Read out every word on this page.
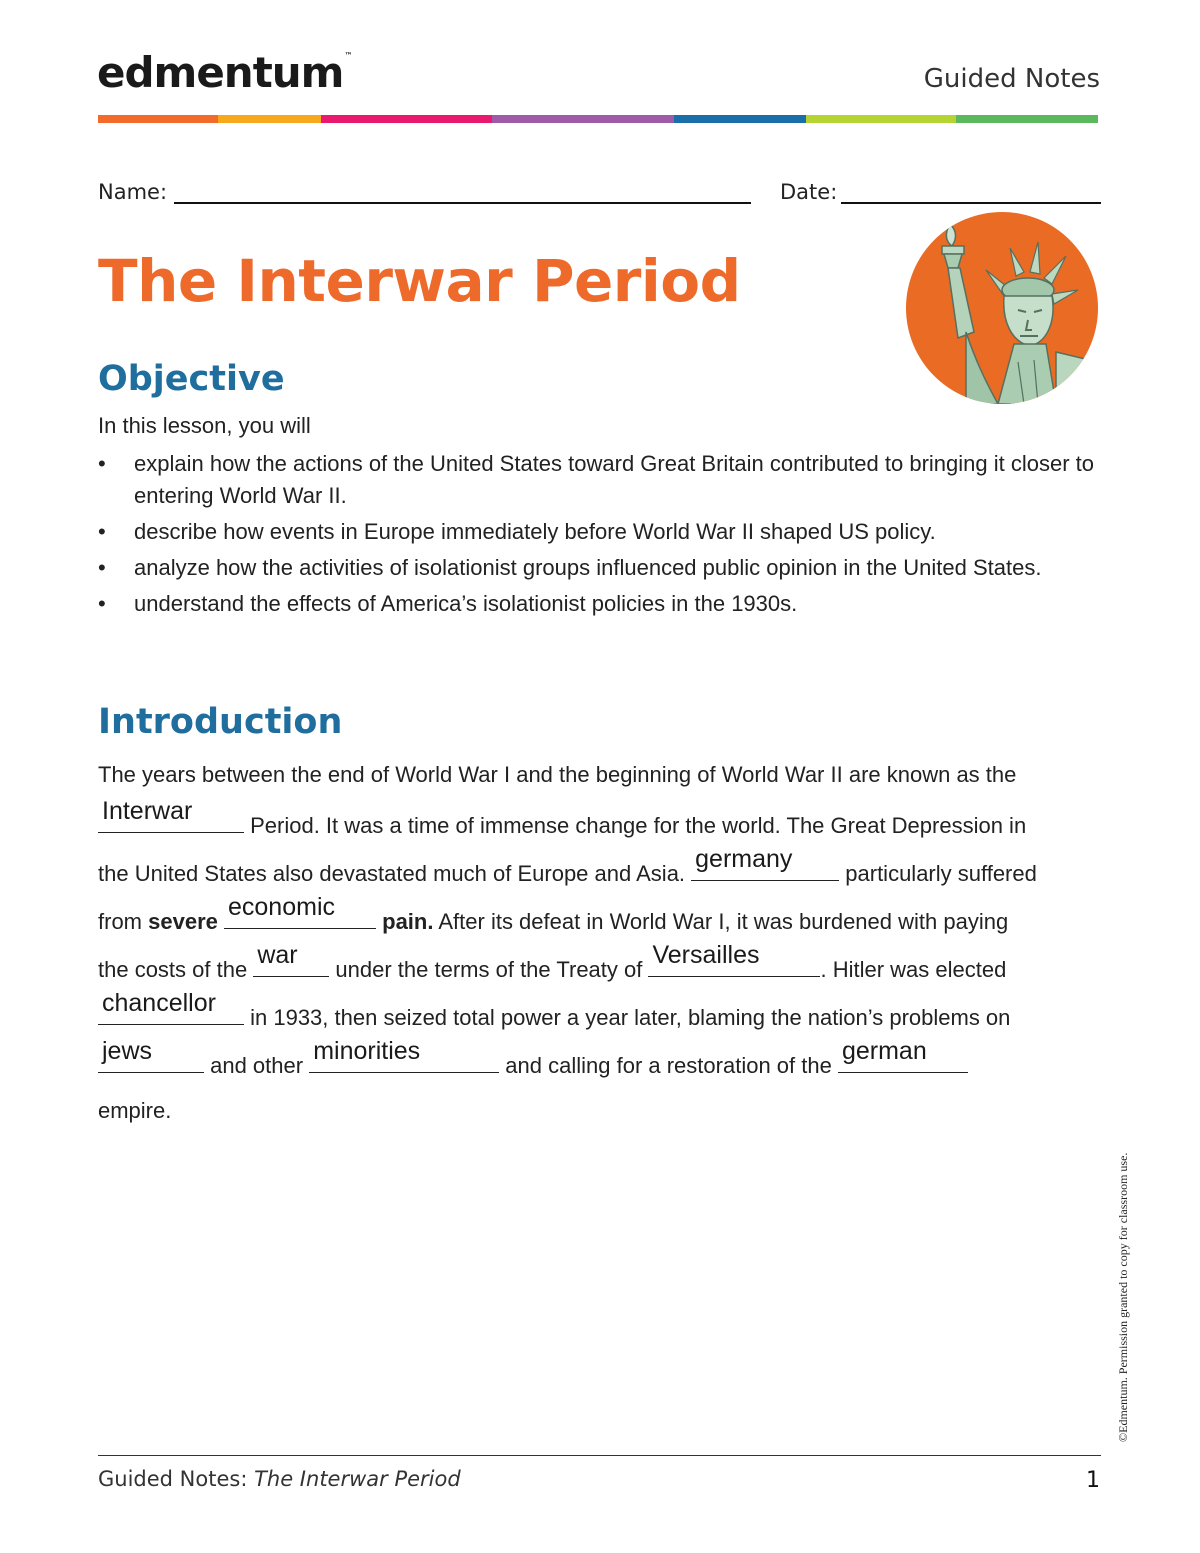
edmentum™
Guided Notes
Name:	Date:
The Interwar Period
Objective
In this lesson, you will
• explain how the actions of the United States toward Great Britain contributed to bringing it closer to entering World War II.
• describe how events in Europe immediately before World War II shaped US policy.
• analyze how the activities of isolationist groups influenced public opinion in the United States.
• understand the effects of America’s isolationist policies in the 1930s.
Introduction
The years between the end of World War I and the beginning of World War II are known as the
Interwar
Period. It was a time of immense change for the world. The Great Depression in
the United States also devastated much of Europe and Asia.
germany
particularly suffered
from severe
economic
pain. After its defeat in World War I, it was burdened with paying
the costs of the
war
under the terms of the Treaty of
Versailles
. Hitler was elected
chancellor
in 1933, then seized total power a year later, blaming the nation’s problems on
jews
and other
minorities
and calling for a restoration of the
german
empire.
©Edmentum. Permission granted to copy for classroom use.
Guided Notes: The Interwar Period	1
